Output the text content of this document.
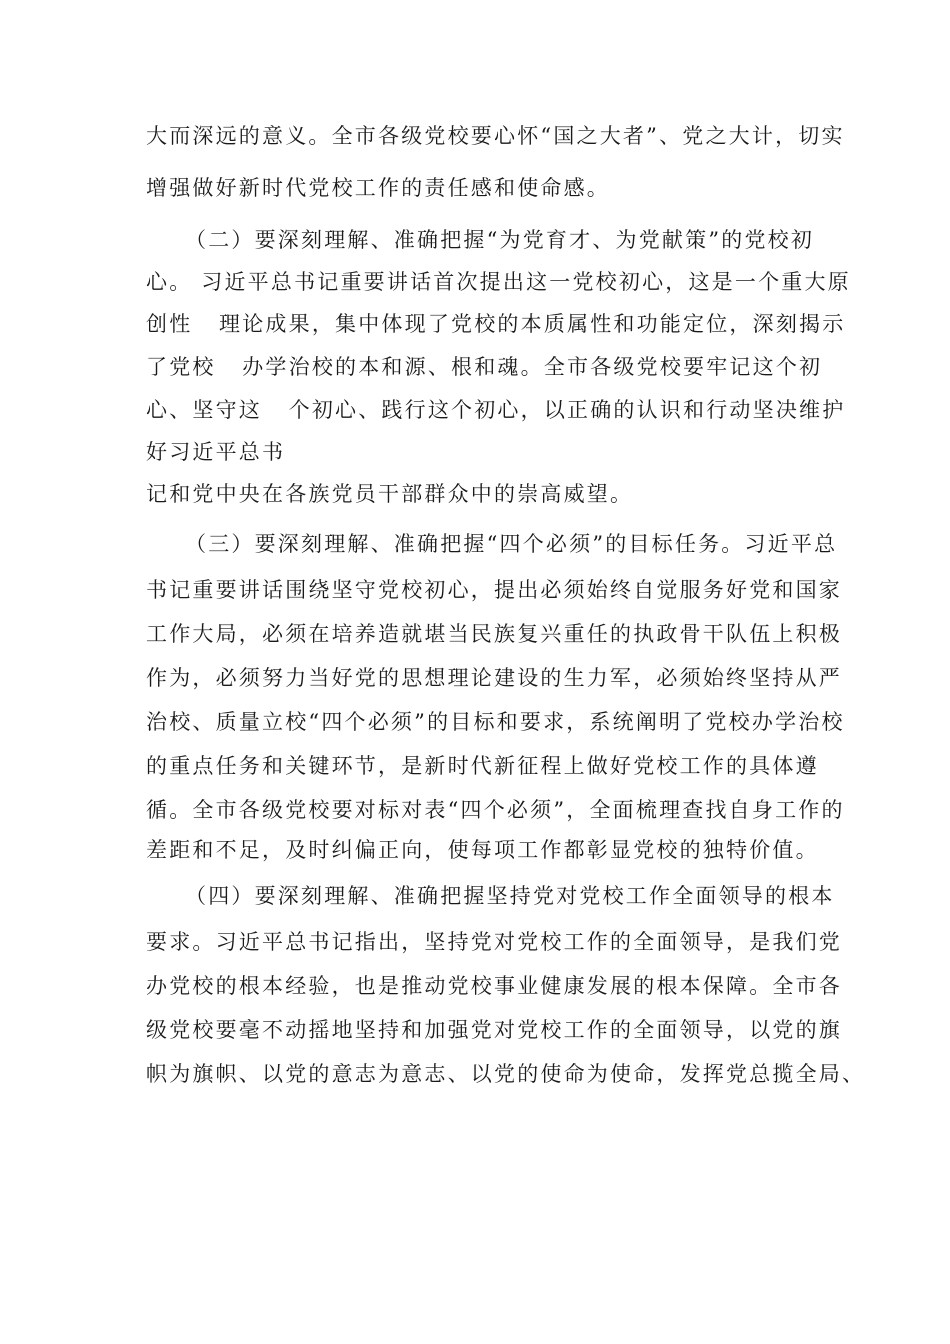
大而深远的意义。全市各级党校要心怀“国之大者”、党之大计，切实
增强做好新时代党校工作的责任感和使命感。
（二）要深刻理解、准确把握“为党育才、为党献策”的党校初
心。 习近平总书记重要讲话首次提出这一党校初心，这是一个重大原
创性   理论成果，集中体现了党校的本质属性和功能定位，深刻揭示
了党校   办学治校的本和源、根和魂。全市各级党校要牢记这个初
心、坚守这   个初心、践行这个初心，以正确的认识和行动坚决维护
好习近平总书
记和党中央在各族党员干部群众中的崇高威望。
（三）要深刻理解、准确把握“四个必须”的目标任务。习近平总
书记重要讲话围绕坚守党校初心，提出必须始终自觉服务好党和国家
工作大局，必须在培养造就堪当民族复兴重任的执政骨干队伍上积极
作为，必须努力当好党的思想理论建设的生力军，必须始终坚持从严
治校、质量立校“四个必须”的目标和要求，系统阐明了党校办学治校
的重点任务和关键环节，是新时代新征程上做好党校工作的具体遵
循。全市各级党校要对标对表“四个必须”，全面梳理查找自身工作的
差距和不足，及时纠偏正向，使每项工作都彰显党校的独特价值。
（四）要深刻理解、准确把握坚持党对党校工作全面领导的根本
要求。习近平总书记指出，坚持党对党校工作的全面领导，是我们党
办党校的根本经验，也是推动党校事业健康发展的根本保障。全市各
级党校要毫不动摇地坚持和加强党对党校工作的全面领导，以党的旗
帜为旗帜、以党的意志为意志、以党的使命为使命，发挥党总揽全局、
